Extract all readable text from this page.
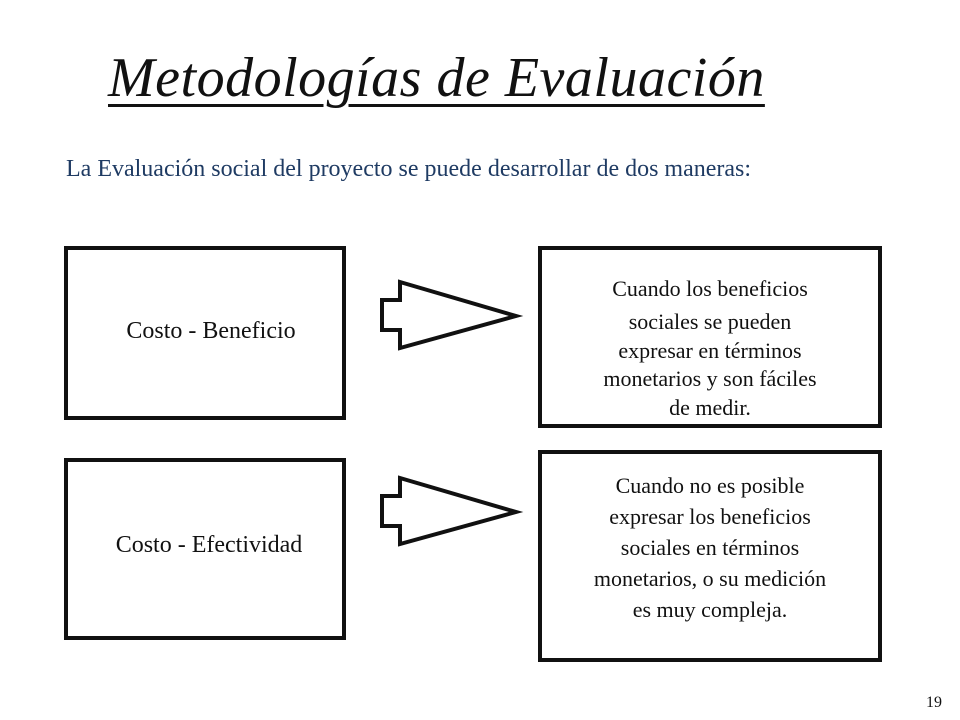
Metodologías de Evaluación
La Evaluación social del proyecto se puede desarrollar de dos maneras:
Costo - Beneficio
Cuando los beneficios
sociales se pueden
expresar en términos
monetarios y son fáciles
de medir.
Costo - Efectividad
Cuando no es posible
expresar los beneficios
sociales en términos
monetarios, o su medición
es muy compleja.
19
